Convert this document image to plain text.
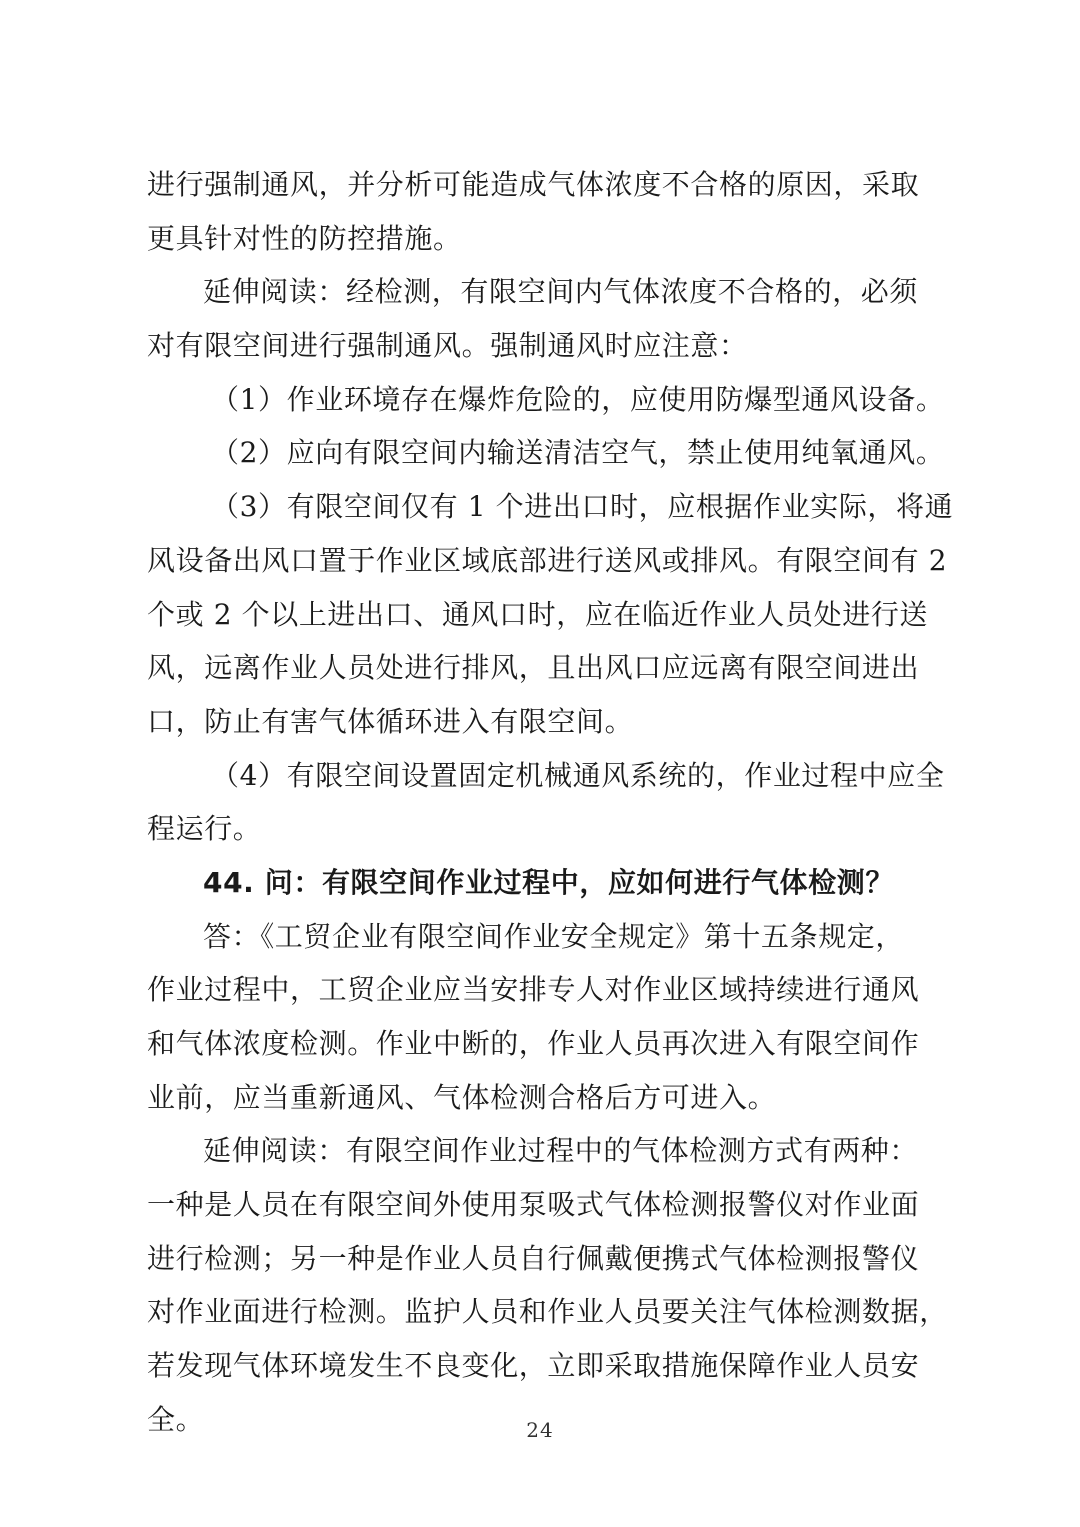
进行强制通风，并分析可能造成气体浓度不合格的原因，采取
更具针对性的防控措施。
延伸阅读：经检测，有限空间内气体浓度不合格的，必须
对有限空间进行强制通风。强制通风时应注意：
（1）作业环境存在爆炸危险的，应使用防爆型通风设备。
（2）应向有限空间内输送清洁空气，禁止使用纯氧通风。
（3）有限空间仅有 1 个进出口时，应根据作业实际，将通
风设备出风口置于作业区域底部进行送风或排风。有限空间有 2
个或 2 个以上进出口、通风口时，应在临近作业人员处进行送
风，远离作业人员处进行排风，且出风口应远离有限空间进出
口，防止有害气体循环进入有限空间。
（4）有限空间设置固定机械通风系统的，作业过程中应全
程运行。
44. 问：有限空间作业过程中，应如何进行气体检测？
答：《工贸企业有限空间作业安全规定》第十五条规定，
作业过程中，工贸企业应当安排专人对作业区域持续进行通风
和气体浓度检测。作业中断的，作业人员再次进入有限空间作
业前，应当重新通风、气体检测合格后方可进入。
延伸阅读：有限空间作业过程中的气体检测方式有两种：
一种是人员在有限空间外使用泵吸式气体检测报警仪对作业面
进行检测；另一种是作业人员自行佩戴便携式气体检测报警仪
对作业面进行检测。监护人员和作业人员要关注气体检测数据，
若发现气体环境发生不良变化，立即采取措施保障作业人员安
全。	24
